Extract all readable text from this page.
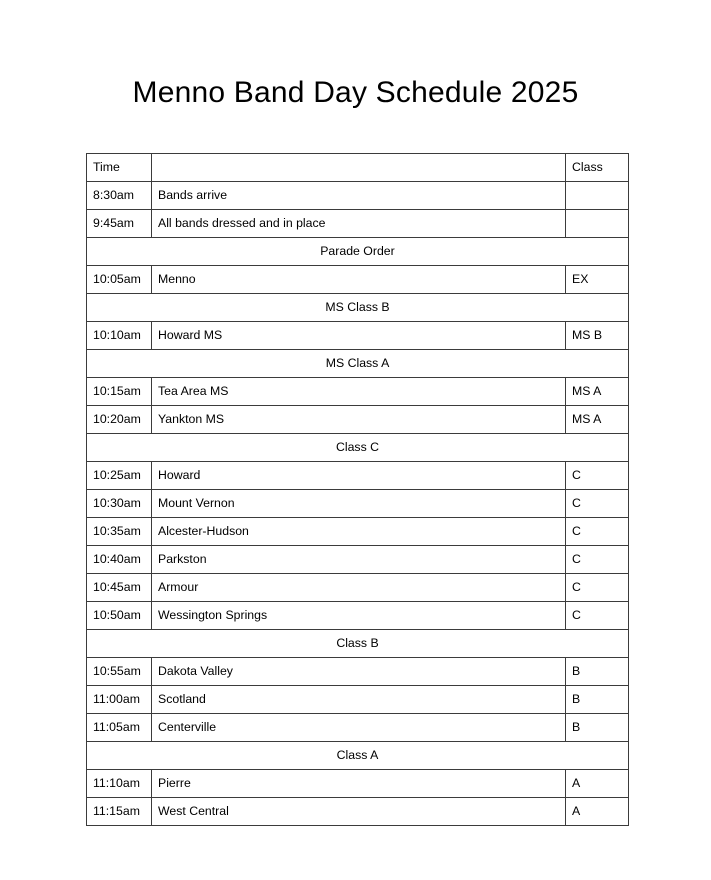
Menno Band Day Schedule 2025
Time		Class
8:30am	Bands arrive	
9:45am	All bands dressed and in place	
Parade Order		
10:05am	Menno	EX
MS Class B		
10:10am	Howard MS	MS B
MS Class A		
10:15am	Tea Area MS	MS A
10:20am	Yankton MS	MS A
Class C		
10:25am	Howard	C
10:30am	Mount Vernon	C
10:35am	Alcester-Hudson	C
10:40am	Parkston	C
10:45am	Armour	C
10:50am	Wessington Springs	C
Class B		
10:55am	Dakota Valley	B
11:00am	Scotland	B
11:05am	Centerville	B
Class A		
11:10am	Pierre	A
11:15am	West Central	A
